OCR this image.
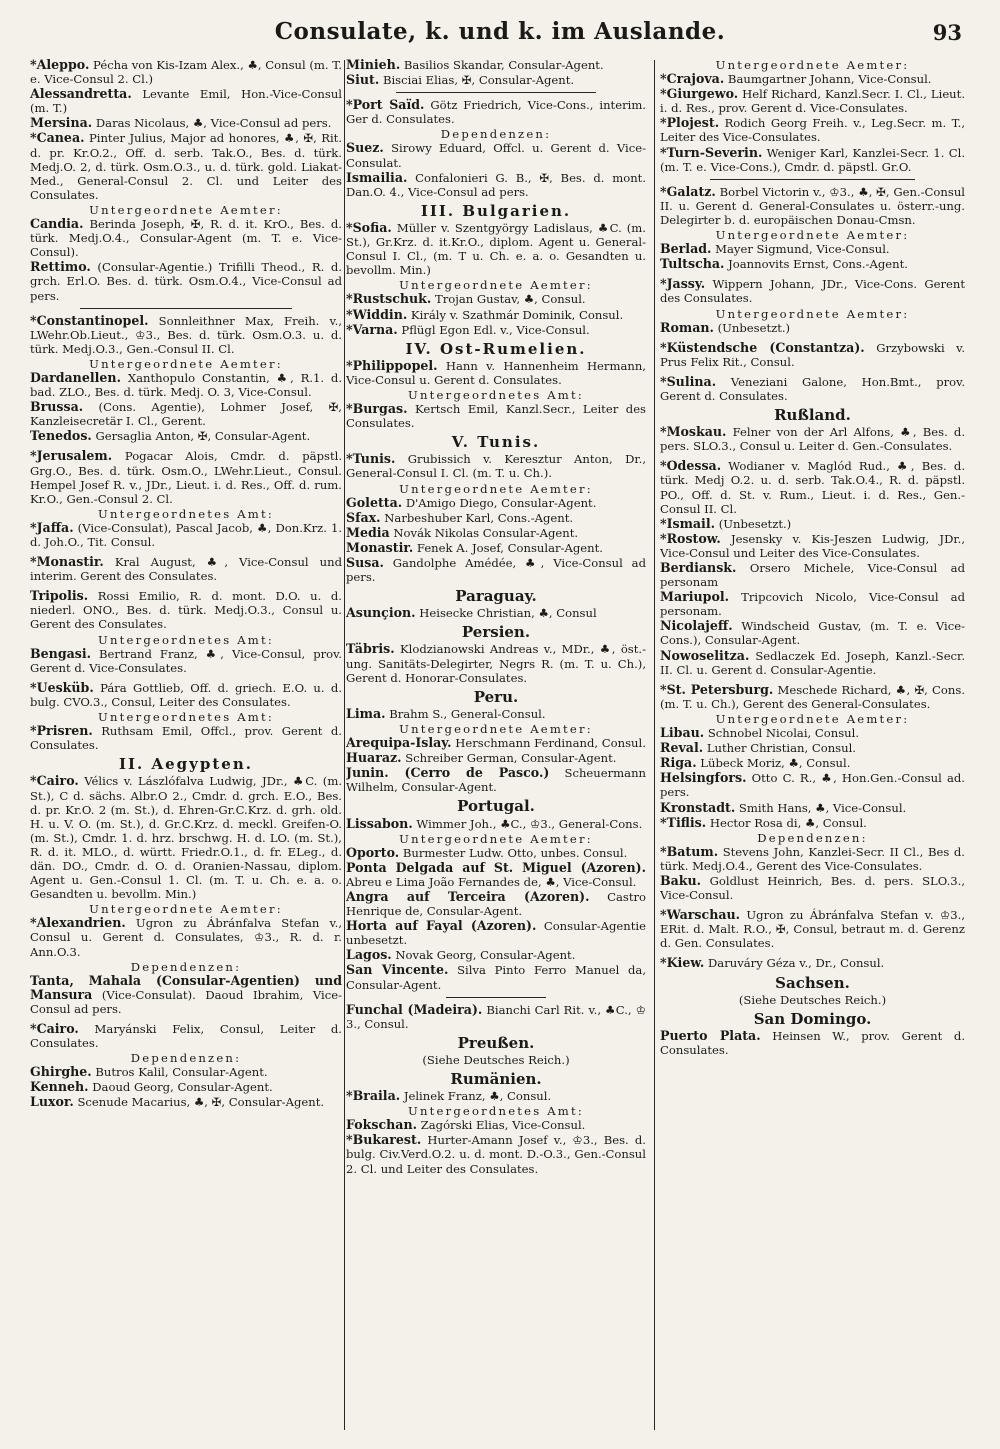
Consulate, k. und k. im Auslande.	93
*Aleppo. Pécha von Kis-Izam Alex., ♣, Consul (m. T. e. Vice-Consul 2. Cl.)
Alessandretta. Levante Emil, Hon.-Vice-Consul (m. T.)
Mersina. Daras Nicolaus, ♣, Vice-Consul ad pers.
*Canea. Pinter Julius, Major ad honores, ♣, ✠, Rit. d. pr. Kr.O.2., Off. d. serb. Tak.O., Bes. d. türk. Medj.O. 2, d. türk. Osm.O.3., u. d. türk. gold. Liakat-Med., General-Consul 2. Cl. und Leiter des Consulates.
Untergeordnete Aemter:
Candia. Berinda Joseph, ✠, R. d. it. KrO., Bes. d. türk. Medj.O.4., Consular-Agent (m. T. e. Vice-Consul).
Rettimo. (Consular-Agentie.) Trifilli Theod., R. d. grch. Erl.O. Bes. d. türk. Osm.O.4., Vice-Consul ad pers.
*Constantinopel. Sonnleithner Max, Freih. v., LWehr.Ob.Lieut., ♔3., Bes. d. türk. Osm.O.3. u. d. türk. Medj.O.3., Gen.-Consul II. Cl.
Untergeordnete Aemter:
Dardanellen. Xanthopulo Constantin, ♣, R.1. d. bad. ZLO., Bes. d. türk. Medj. O. 3, Vice-Consul.
Brussa. (Cons. Agentie), Lohmer Josef, ✠, Kanzleisecretär I. Cl., Gerent.
Tenedos. Gersaglia Anton, ✠, Consular-Agent.
*Jerusalem. Pogacar Alois, Cmdr. d. päpstl. Grg.O., Bes. d. türk. Osm.O., LWehr.Lieut., Consul. Hempel Josef R. v., JDr., Lieut. i. d. Res., Off. d. rum. Kr.O., Gen.-Consul 2. Cl.
Untergeordnetes Amt:
*Jaffa. (Vice-Consulat), Pascal Jacob, ♣, Don.Krz. 1. d. Joh.O., Tit. Consul.
*Monastir. Kral August, ♣, Vice-Consul und interim. Gerent des Consulates.
Tripolis. Rossi Emilio, R. d. mont. D.O. u. d. niederl. ONO., Bes. d. türk. Medj.O.3., Consul u. Gerent des Consulates.
Untergeordnetes Amt:
Bengasi. Bertrand Franz, ♣, Vice-Consul, prov. Gerent d. Vice-Consulates.
*Uesküb. Pára Gottlieb, Off. d. griech. E.O. u. d. bulg. CVO.3., Consul, Leiter des Consulates.
Untergeordnetes Amt:
*Prisren. Ruthsam Emil, Offcl., prov. Gerent d. Consulates.
II. Aegypten.
*Cairo. Vélics v. Lászlófalva Ludwig, JDr., ♣C. (m. St.), C d. sächs. Albr.O 2., Cmdr. d. grch. E.O., Bes. d. pr. Kr.O. 2 (m. St.), d. Ehren-Gr.C.Krz. d. grh. old. H. u. V. O. (m. St.), d. Gr.C.Krz. d. meckl. Greifen-O. (m. St.), Cmdr. 1. d. hrz. brschwg. H. d. LO. (m. St.), R. d. it. MLO., d. württ. Friedr.O.1., d. fr. ELeg., d. dän. DO., Cmdr. d. O. d. Oranien-Nassau, diplom. Agent u. Gen.-Consul 1. Cl. (m. T. u. Ch. e. a. o. Gesandten u. bevollm. Min.)
Untergeordnete Aemter:
*Alexandrien. Ugron zu Ábránfalva Stefan v., Consul u. Gerent d. Consulates, ♔3., R. d. r. Ann.O.3.
Dependenzen:
Tanta, Mahala (Consular-Agentien) und Mansura (Vice-Consulat). Daoud Ibrahim, Vice-Consul ad pers.
*Cairo. Maryánski Felix, Consul, Leiter d. Consulates.
Dependenzen:
Ghirghe. Butros Kalil, Consular-Agent.
Kenneh. Daoud Georg, Consular-Agent.
Luxor. Scenude Macarius, ♣, ✠, Consular-Agent.
Minieh. Basilios Skandar, Consular-Agent.
Siut. Bisciai Elias, ✠, Consular-Agent.
*Port Saïd. Götz Friedrich, Vice-Cons., interim. Ger d. Consulates.
Dependenzen:
Suez. Sirowy Eduard, Offcl. u. Gerent d. Vice-Consulat.
Ismailia. Confalonieri G. B., ✠, Bes. d. mont. Dan.O. 4., Vice-Consul ad pers.
III. Bulgarien.
*Sofia. Müller v. Szentgyörgy Ladislaus, ♣C. (m. St.), Gr.Krz. d. it.Kr.O., diplom. Agent u. General-Consul I. Cl., (m. T u. Ch. e. a. o. Gesandten u. bevollm. Min.)
Untergeordnete Aemter:
*Rustschuk. Trojan Gustav, ♣, Consul.
*Widdin. Király v. Szathmár Dominik, Consul.
*Varna. Pflügl Egon Edl. v., Vice-Consul.
IV. Ost-Rumelien.
*Philippopel. Hann v. Hannenheim Hermann, Vice-Consul u. Gerent d. Consulates.
Untergeordnetes Amt:
*Burgas. Kertsch Emil, Kanzl.Secr., Leiter des Consulates.
V. Tunis.
*Tunis. Grubissich v. Keresztur Anton, Dr., General-Consul I. Cl. (m. T. u. Ch.).
Untergeordnete Aemter:
Goletta. D'Amigo Diego, Consular-Agent.
Sfax. Narbeshuber Karl, Cons.-Agent.
Media Novák Nikolas Consular-Agent.
Monastir. Fenek A. Josef, Consular-Agent.
Susa. Gandolphe Amédée, ♣, Vice-Consul ad pers.
Paraguay.
Asunçion. Heisecke Christian, ♣, Consul
Persien.
Täbris. Klodzianowski Andreas v., MDr., ♣, öst.-ung. Sanitäts-Delegirter, Negrs R. (m. T. u. Ch.), Gerent d. Honorar-Consulates.
Peru.
Lima. Brahm S., General-Consul.
Untergeordnete Aemter:
Arequipa-Islay. Herschmann Ferdinand, Consul.
Huaraz. Schreiber German, Consular-Agent.
Junin. (Cerro de Pasco.) Scheuermann Wilhelm, Consular-Agent.
Portugal.
Lissabon. Wimmer Joh., ♣C., ♔3., General-Cons.
Untergeordnete Aemter:
Oporto. Burmester Ludw. Otto, unbes. Consul.
Ponta Delgada auf St. Miguel (Azoren). Abreu e Lima João Fernandes de, ♣, Vice-Consul.
Angra auf Terceira (Azoren). Castro Henrique de, Consular-Agent.
Horta auf Fayal (Azoren). Consular-Agentie unbesetzt.
Lagos. Novak Georg, Consular-Agent.
San Vincente. Silva Pinto Ferro Manuel da, Consular-Agent.
Funchal (Madeira). Bianchi Carl Rit. v., ♣C., ♔ 3., Consul.
Preußen.
(Siehe Deutsches Reich.)
Rumänien.
*Braila. Jelinek Franz, ♣, Consul.
Untergeordnetes Amt:
Fokschan. Zagórski Elias, Vice-Consul.
*Bukarest. Hurter-Amann Josef v., ♔3., Bes. d. bulg. Civ.Verd.O.2. u. d. mont. D.-O.3., Gen.-Consul 2. Cl. und Leiter des Consulates.
Untergeordnete Aemter:
*Crajova. Baumgartner Johann, Vice-Consul.
*Giurgewo. Helf Richard, Kanzl.Secr. I. Cl., Lieut. i. d. Res., prov. Gerent d. Vice-Consulates.
*Plojest. Rodich Georg Freih. v., Leg.Secr. m. T., Leiter des Vice-Consulates.
*Turn-Severin. Weniger Karl, Kanzlei-Secr. 1. Cl. (m. T. e. Vice-Cons.), Cmdr. d. päpstl. Gr.O.
*Galatz. Borbel Victorin v., ♔3., ♣, ✠, Gen.-Consul II. u. Gerent d. General-Consulates u. österr.-ung. Delegirter b. d. europäischen Donau-Cmsn.
Untergeordnete Aemter:
Berlad. Mayer Sigmund, Vice-Consul.
Tultscha. Joannovits Ernst, Cons.-Agent.
*Jassy. Wippern Johann, JDr., Vice-Cons. Gerent des Consulates.
Untergeordnete Aemter:
Roman. (Unbesetzt.)
*Küstendsche (Constantza). Grzybowski v. Prus Felix Rit., Consul.
*Sulina. Veneziani Galone, Hon.Bmt., prov. Gerent d. Consulates.
Rußland.
*Moskau. Felner von der Arl Alfons, ♣, Bes. d. pers. SLO.3., Consul u. Leiter d. Gen.-Consulates.
*Odessa. Wodianer v. Maglód Rud., ♣, Bes. d. türk. Medj O.2. u. d. serb. Tak.O.4., R. d. päpstl. PO., Off. d. St. v. Rum., Lieut. i. d. Res., Gen.-Consul II. Cl.
*Ismail. (Unbesetzt.)
*Rostow. Jesensky v. Kis-Jeszen Ludwig, JDr., Vice-Consul und Leiter des Vice-Consulates.
Berdiansk. Orsero Michele, Vice-Consul ad personam
Mariupol. Tripcovich Nicolo, Vice-Consul ad personam.
Nicolajeff. Windscheid Gustav, (m. T. e. Vice-Cons.), Consular-Agent.
Nowoselitza. Sedlaczek Ed. Joseph, Kanzl.-Secr. II. Cl. u. Gerent d. Consular-Agentie.
*St. Petersburg. Meschede Richard, ♣, ✠, Cons. (m. T. u. Ch.), Gerent des General-Consulates.
Untergeordnete Aemter:
Libau. Schnobel Nicolai, Consul.
Reval. Luther Christian, Consul.
Riga. Lübeck Moriz, ♣, Consul.
Helsingfors. Otto C. R., ♣, Hon.Gen.-Consul ad. pers.
Kronstadt. Smith Hans, ♣, Vice-Consul.
*Tiflis. Hector Rosa di, ♣, Consul.
Dependenzen:
*Batum. Stevens John, Kanzlei-Secr. II Cl., Bes d. türk. Medj.O.4., Gerent des Vice-Consulates.
Baku. Goldlust Heinrich, Bes. d. pers. SLO.3., Vice-Consul.
*Warschau. Ugron zu Ábránfalva Stefan v. ♔3., ERit. d. Malt. R.O., ✠, Consul, betraut m. d. Gerenz d. Gen. Consulates.
*Kiew. Daruváry Géza v., Dr., Consul.
Sachsen.
(Siehe Deutsches Reich.)
San Domingo.
Puerto Plata. Heinsen W., prov. Gerent d. Consulates.
